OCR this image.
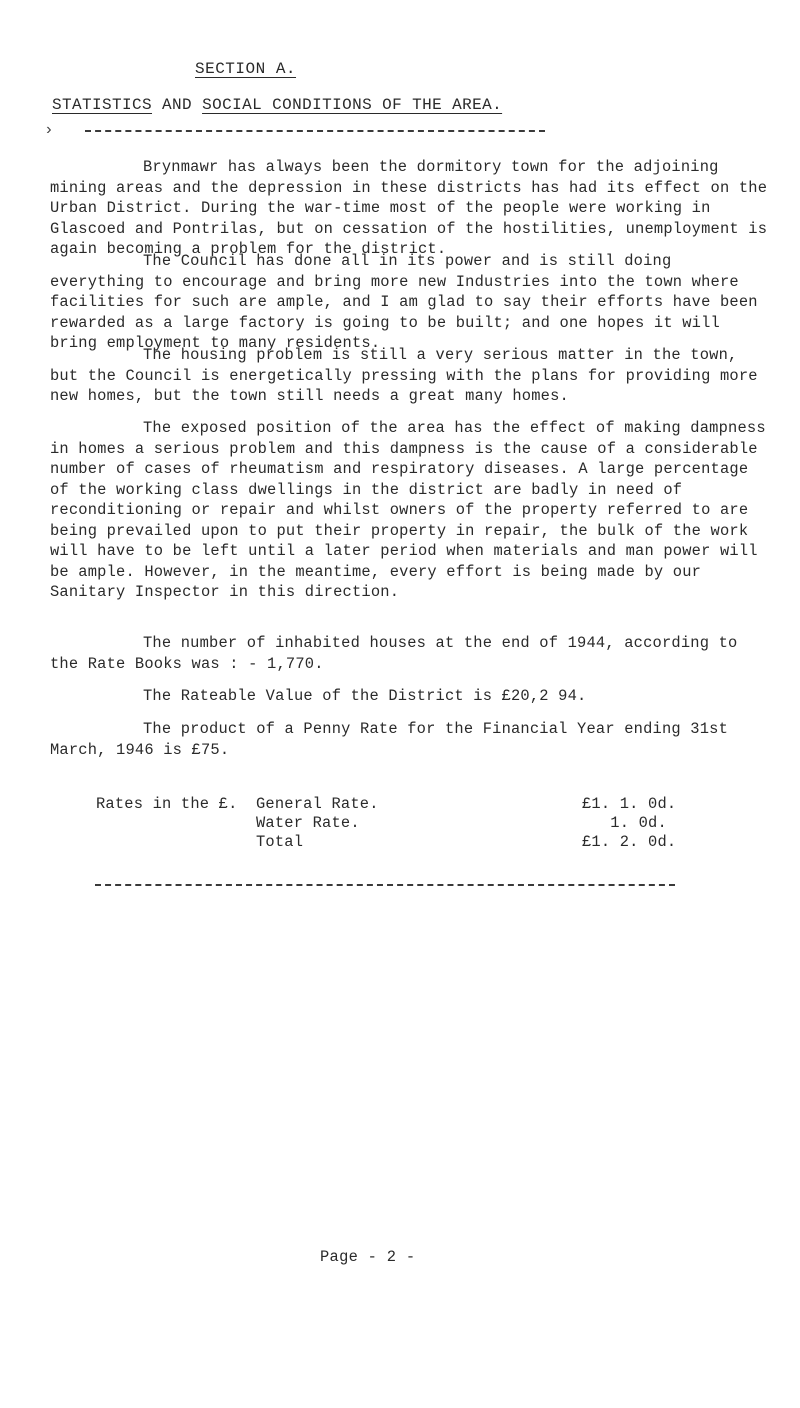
SECTION A.
STATISTICS AND SOCIAL CONDITIONS OF THE AREA.
›

Brynmawr has always been the dormitory town for the adjoining mining areas and the depression in these districts has had its effect on the Urban District. During the war-time most of the people were working in Glascoed and Pontrilas, but on cessation of the hostilities, unemployment is again becoming a problem for the district.

The Council has done all in its power and is still doing everything to encourage and bring more new Industries into the town where facilities for such are ample, and I am glad to say their efforts have been rewarded as a large factory is going to be built; and one hopes it will bring employment to many residents.

The housing problem is still a very serious matter in the town, but the Council is energetically pressing with the plans for providing more new homes, but the town still needs a great many homes.

The exposed position of the area has the effect of making dampness in homes a serious problem and this dampness is the cause of a considerable number of cases of rheumatism and respiratory diseases. A large percentage of the working class dwellings in the district are badly in need of reconditioning or repair and whilst owners of the property referred to are being prevailed upon to put their property in repair, the bulk of the work will have to be left until a later period when materials and man power will be ample. However, in the meantime, every effort is being made by our Sanitary Inspector in this direction.

The number of inhabited houses at the end of 1944, according to the Rate Books was : - 1,770.

The Rateable Value of the District is £20,2 94.

The product of a Penny Rate for the Financial Year ending 31st March, 1946 is £75.

Rates in the £. General Rate.	£1. 1. 0d.
Water Rate.	1. 0d.
Total	£1. 2. 0d.
Page - 2 -
